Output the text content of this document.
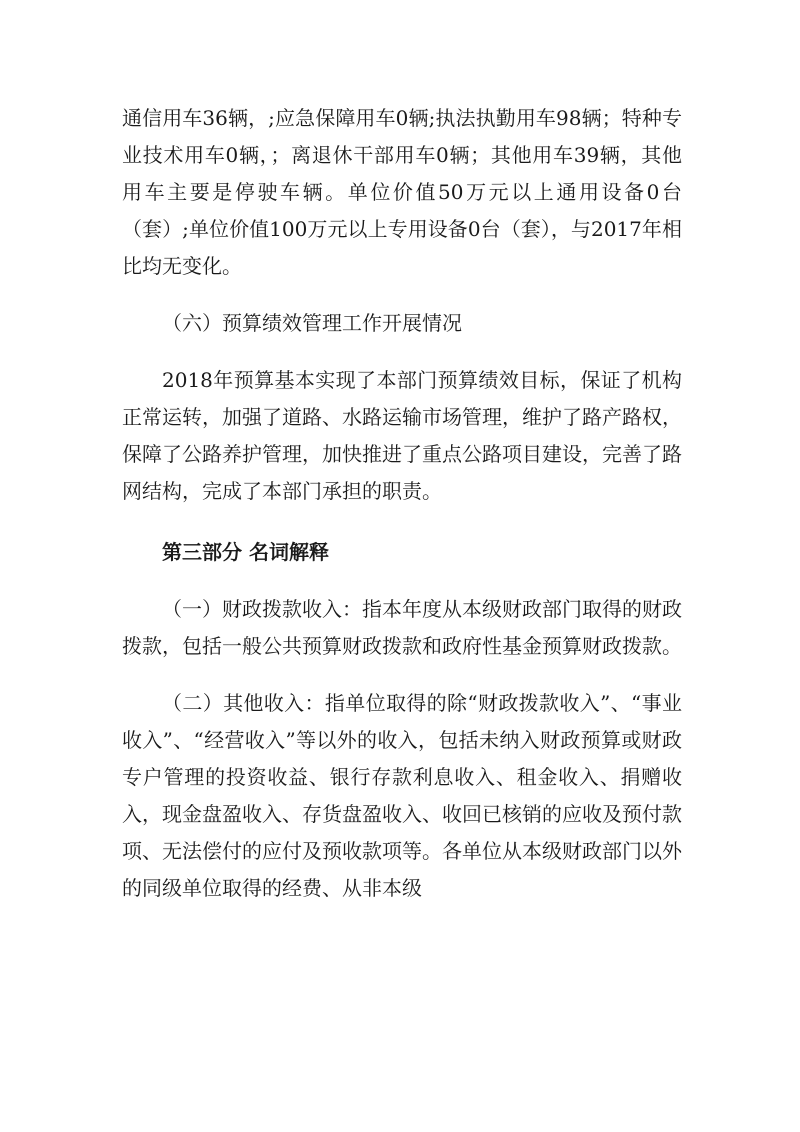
通信用车36辆，;应急保障用车0辆;执法执勤用车98辆；特种专业技术用车0辆，；离退休干部用车0辆；其他用车39辆，其他用车主要是停驶车辆。单位价值50万元以上通用设备0台（套）;单位价值100万元以上专用设备0台（套），与2017年相比均无变化。

（六）预算绩效管理工作开展情况

2018年预算基本实现了本部门预算绩效目标，保证了机构正常运转，加强了道路、水路运输市场管理，维护了路产路权，保障了公路养护管理，加快推进了重点公路项目建设，完善了路网结构，完成了本部门承担的职责。

第三部分 名词解释

（一）财政拨款收入：指本年度从本级财政部门取得的财政拨款，包括一般公共预算财政拨款和政府性基金预算财政拨款。

（二）其他收入：指单位取得的除“财政拨款收入”、“事业收入”、“经营收入”等以外的收入，包括未纳入财政预算或财政专户管理的投资收益、银行存款利息收入、租金收入、捐赠收入，现金盘盈收入、存货盘盈收入、收回已核销的应收及预付款项、无法偿付的应付及预收款项等。各单位从本级财政部门以外的同级单位取得的经费、从非本级
